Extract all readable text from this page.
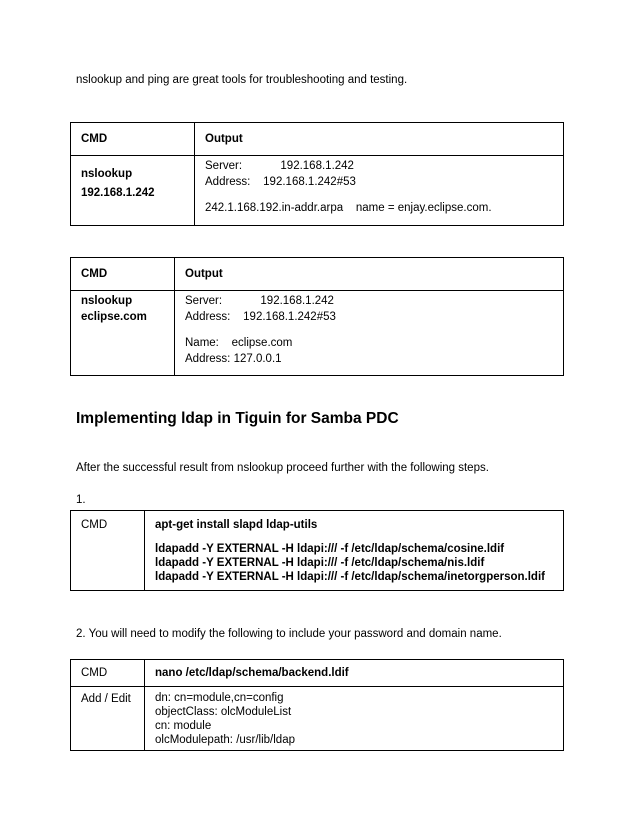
nslookup and ping are great tools for troubleshooting and testing.
CMD	Output

nslookup
192.168.1.242	Server:            192.168.1.242
Address:    192.168.1.242#53
242.1.168.192.in-addr.arpa    name = enjay.eclipse.com.
CMD	Output

nslookup
eclipse.com	Server:            192.168.1.242
Address:    192.168.1.242#53
Name:    eclipse.com
Address: 127.0.0.1
Implementing ldap in Tiguin for Samba PDC
After the successful result from nslookup proceed further with the following steps.
1.
CMD	apt-get install slapd ldap-utils
ldapadd -Y EXTERNAL -H ldapi:/// -f /etc/ldap/schema/cosine.ldif
ldapadd -Y EXTERNAL -H ldapi:/// -f /etc/ldap/schema/nis.ldif
ldapadd -Y EXTERNAL -H ldapi:/// -f /etc/ldap/schema/inetorgperson.ldif
2. You will need to modify the following to include your password and domain name.
CMD	nano /etc/ldap/schema/backend.ldif
Add / Edit	dn: cn=module,cn=config
objectClass: olcModuleList
cn: module
olcModulepath: /usr/lib/ldap
